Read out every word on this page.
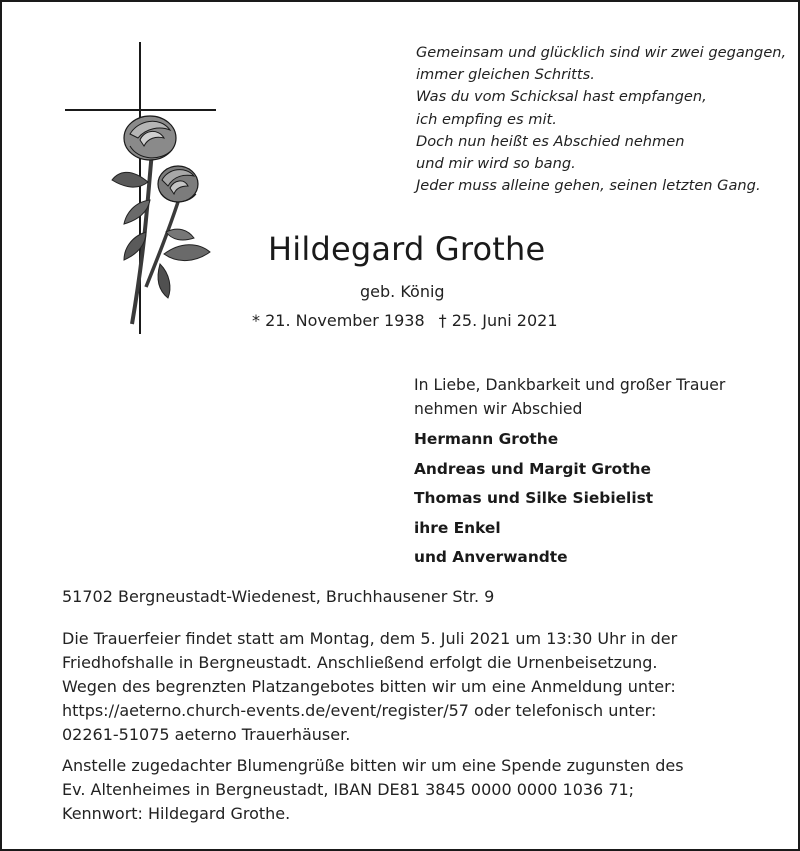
Gemeinsam und glücklich sind wir zwei gegangen,
immer gleichen Schritts.
Was du vom Schicksal hast empfangen,
ich empfing es mit.
Doch nun heißt es Abschied nehmen
und mir wird so bang.
Jeder muss alleine gehen, seinen letzten Gang.
Hildegard Grothe
geb. König
* 21. November 1938 † 25. Juni 2021
In Liebe, Dankbarkeit und großer Trauer
nehmen wir Abschied
Hermann Grothe
Andreas und Margit Grothe
Thomas und Silke Siebielist
ihre Enkel
und Anverwandte
51702 Bergneustadt-Wiedenest, Bruchhausener Str. 9
Die Trauerfeier findet statt am Montag, dem 5. Juli 2021 um 13:30 Uhr in der
Friedhofshalle in Bergneustadt. Anschließend erfolgt die Urnenbeisetzung.
Wegen des begrenzten Platzangebotes bitten wir um eine Anmeldung unter:
https://aeterno.church-events.de/event/register/57 oder telefonisch unter:
02261-51075 aeterno Trauerhäuser.
Anstelle zugedachter Blumengrüße bitten wir um eine Spende zugunsten des
Ev. Altenheimes in Bergneustadt, IBAN DE81 3845 0000 0000 1036 71;
Kennwort: Hildegard Grothe.
